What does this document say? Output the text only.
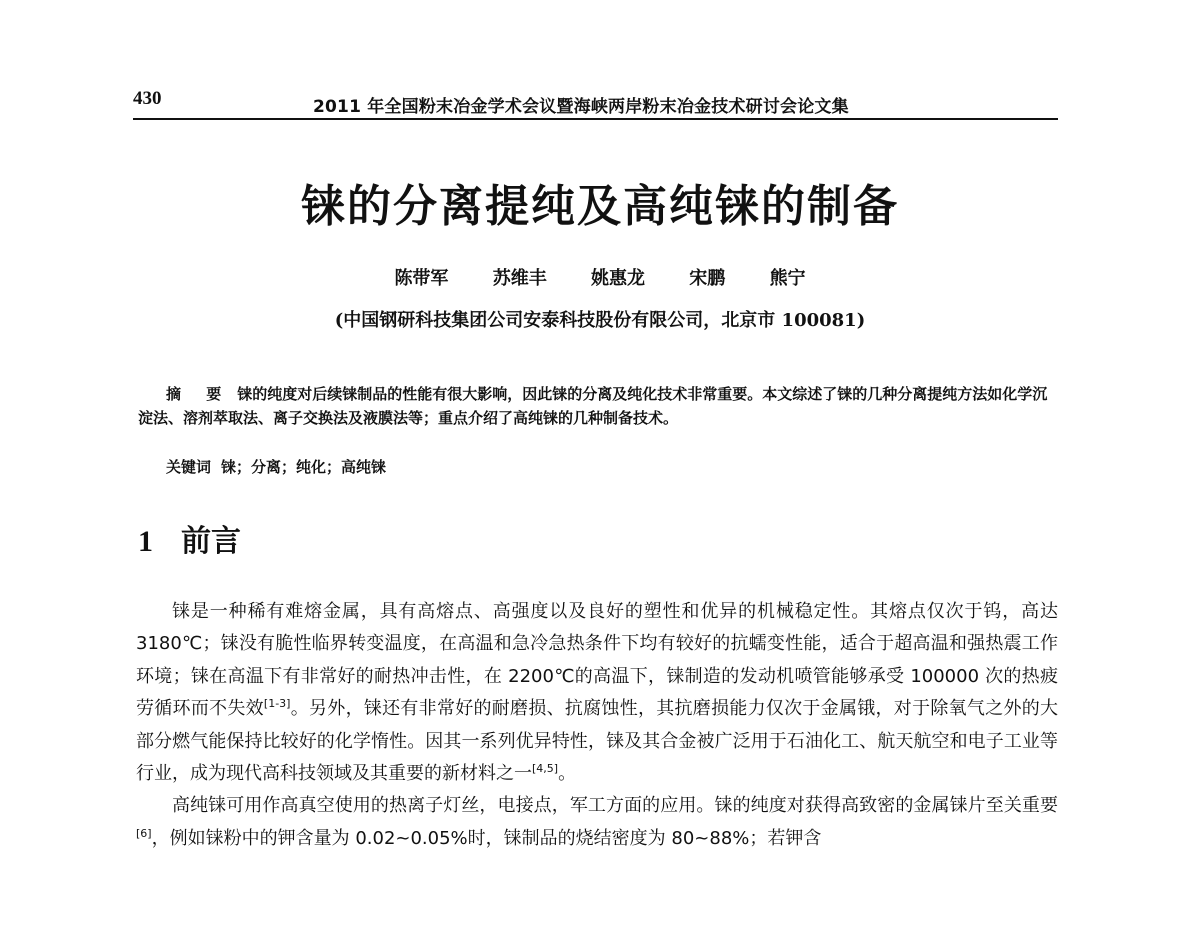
430	2011 年全国粉末冶金学术会议暨海峡两岸粉末冶金技术研讨会论文集
铼的分离提纯及高纯铼的制备
陈带军 苏维丰 姚惠龙 宋鹏 熊宁
(中国钢研科技集团公司安泰科技股份有限公司，北京市 100081)
摘 要 铼的纯度对后续铼制品的性能有很大影响，因此铼的分离及纯化技术非常重要。本文综述了铼的几种分离提纯方法如化学沉淀法、溶剂萃取法、离子交换法及液膜法等；重点介绍了高纯铼的几种制备技术。
关键词 铼；分离；纯化；高纯铼
1 前言

铼是一种稀有难熔金属，具有高熔点、高强度以及良好的塑性和优异的机械稳定性。其熔点仅次于钨，高达 3180℃；铼没有脆性临界转变温度，在高温和急冷急热条件下均有较好的抗蠕变性能，适合于超高温和强热震工作环境；铼在高温下有非常好的耐热冲击性，在 2200℃的高温下，铼制造的发动机喷管能够承受 100000 次的热疲劳循环而不失效[1-3]。另外，铼还有非常好的耐磨损、抗腐蚀性，其抗磨损能力仅次于金属锇，对于除氧气之外的大部分燃气能保持比较好的化学惰性。因其一系列优异特性，铼及其合金被广泛用于石油化工、航天航空和电子工业等行业，成为现代高科技领域及其重要的新材料之一[4,5]。

高纯铼可用作高真空使用的热离子灯丝，电接点，军工方面的应用。铼的纯度对获得高致密的金属铼片至关重要[6]，例如铼粉中的钾含量为 0.02~0.05%时，铼制品的烧结密度为 80~88%；若钾含
